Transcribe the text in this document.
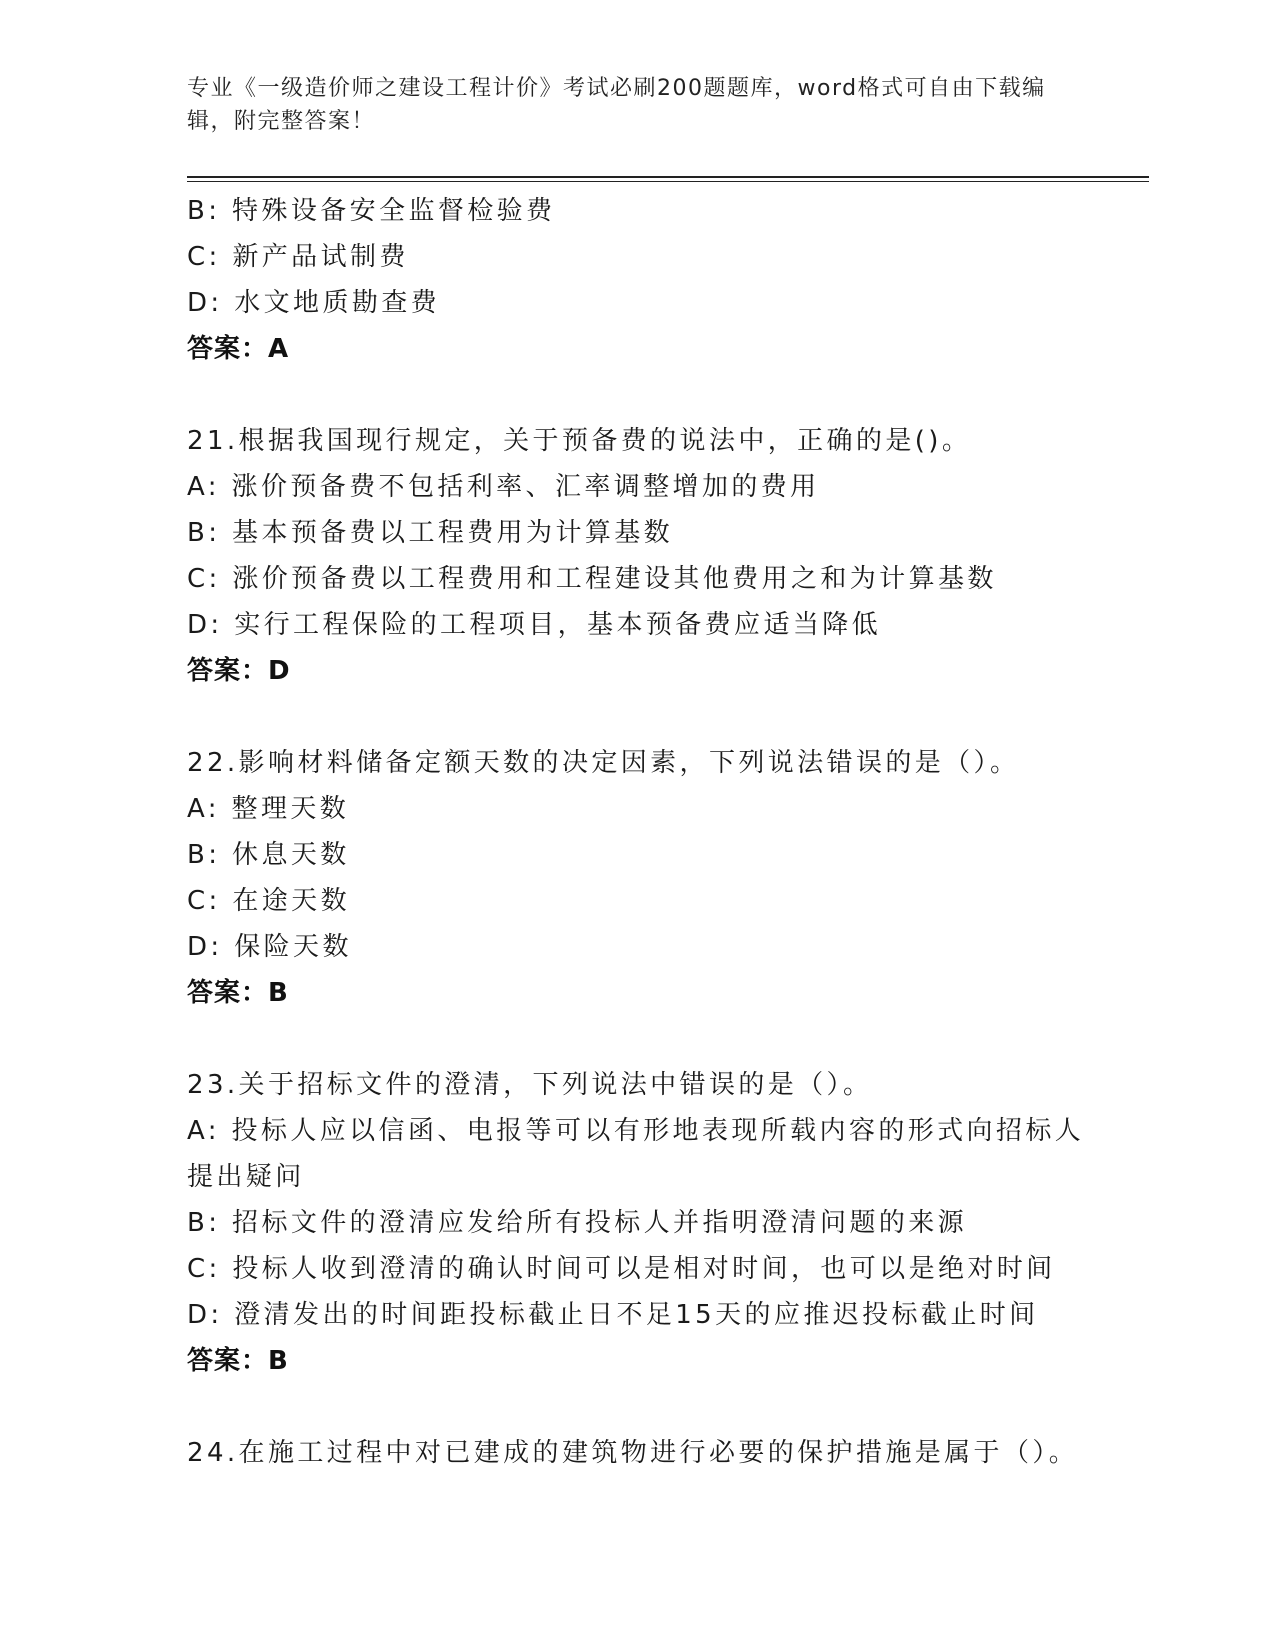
专业《一级造价师之建设工程计价》考试必刷200题题库，word格式可自由下载编辑，附完整答案！
B: 特殊设备安全监督检验费
C: 新产品试制费
D: 水文地质勘查费
答案：A
21.根据我国现行规定，关于预备费的说法中，正确的是()。
A: 涨价预备费不包括利率、汇率调整增加的费用
B: 基本预备费以工程费用为计算基数
C: 涨价预备费以工程费用和工程建设其他费用之和为计算基数
D: 实行工程保险的工程项目，基本预备费应适当降低
答案：D
22.影响材料储备定额天数的决定因素，下列说法错误的是（）。
A: 整理天数
B: 休息天数
C: 在途天数
D: 保险天数
答案：B
23.关于招标文件的澄清，下列说法中错误的是（）。
A: 投标人应以信函、电报等可以有形地表现所载内容的形式向招标人提出疑问
B: 招标文件的澄清应发给所有投标人并指明澄清问题的来源
C: 投标人收到澄清的确认时间可以是相对时间，也可以是绝对时间
D: 澄清发出的时间距投标截止日不足15天的应推迟投标截止时间
答案：B
24.在施工过程中对已建成的建筑物进行必要的保护措施是属于（）。
